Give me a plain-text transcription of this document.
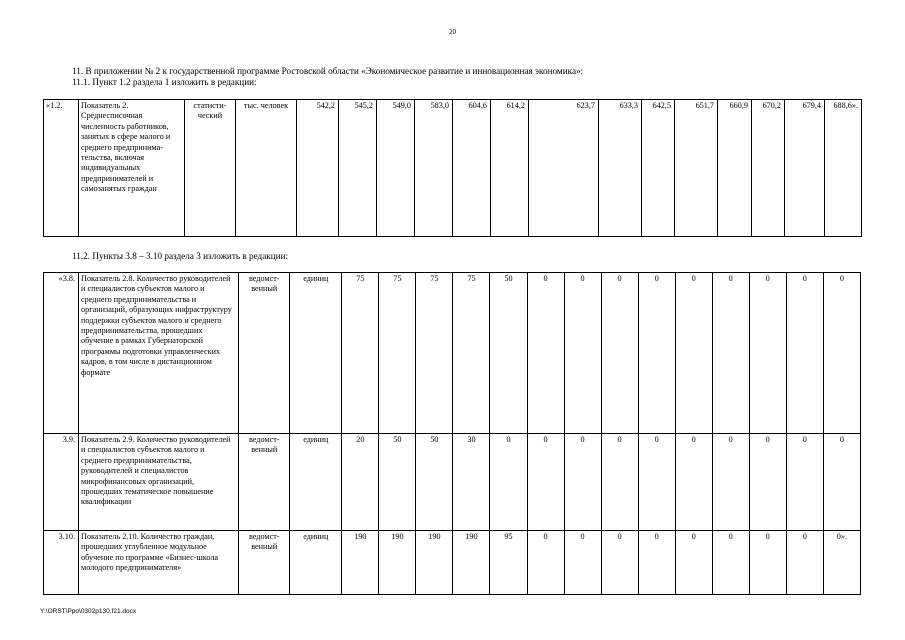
20
11. В приложении № 2 к государственной программе Ростовской области «Экономическое развитие и инновационная экономика»:
11.1. Пункт 1.2 раздела 1 изложить в редакции:
«1.2.	Показатель 2. Среднесписочная численность работников, занятых в сфере малого и среднего предпринима-тельства, включая индивидуальных предпринимателей и самозанятых граждан	статисти-ческий	тыс. человек	542,2	545,2	549,0	583,0	604,6	614,2	623,7	633,3	642,5	651,7	660,9	670,2	679,4	688,6».
11.2. Пункты 3.8 – 3.10 раздела 3 изложить в редакции:
«3.8.	Показатель 2.8. Количество руководителей и специалистов субъектов малого и среднего предпринимательства и организаций, образующих инфраструктуру поддержки субъектов малого и среднего предпринимательства, прошедших обучение в рамках Губернаторской программы подготовки управленческих кадров, в том числе в дистанционном формате	ведомст-венный	единиц	75	75	75	75	50	0	0	0	0	0	0	0	0	0
3.9.	Показатель 2.9. Количество руководителей и специалистов субъектов малого и среднего предпринимательства, руководителей и специалистов микрофинансовых организаций, прошедших тематическое повышение квалификации	ведомст-венный	единиц	20	50	50	30	0	0	0	0	0	0	0	0	0	0
3.10.	Показатель 2.10. Количество граждан, прошедших углубленное модульное обучение по программе «Бизнес-школа молодого предпринимателя»	ведомст-венный	единиц	190	190	190	190	95	0	0	0	0	0	0	0	0	0».
Y:\ORST\Ppo\0302p130.f21.docx
